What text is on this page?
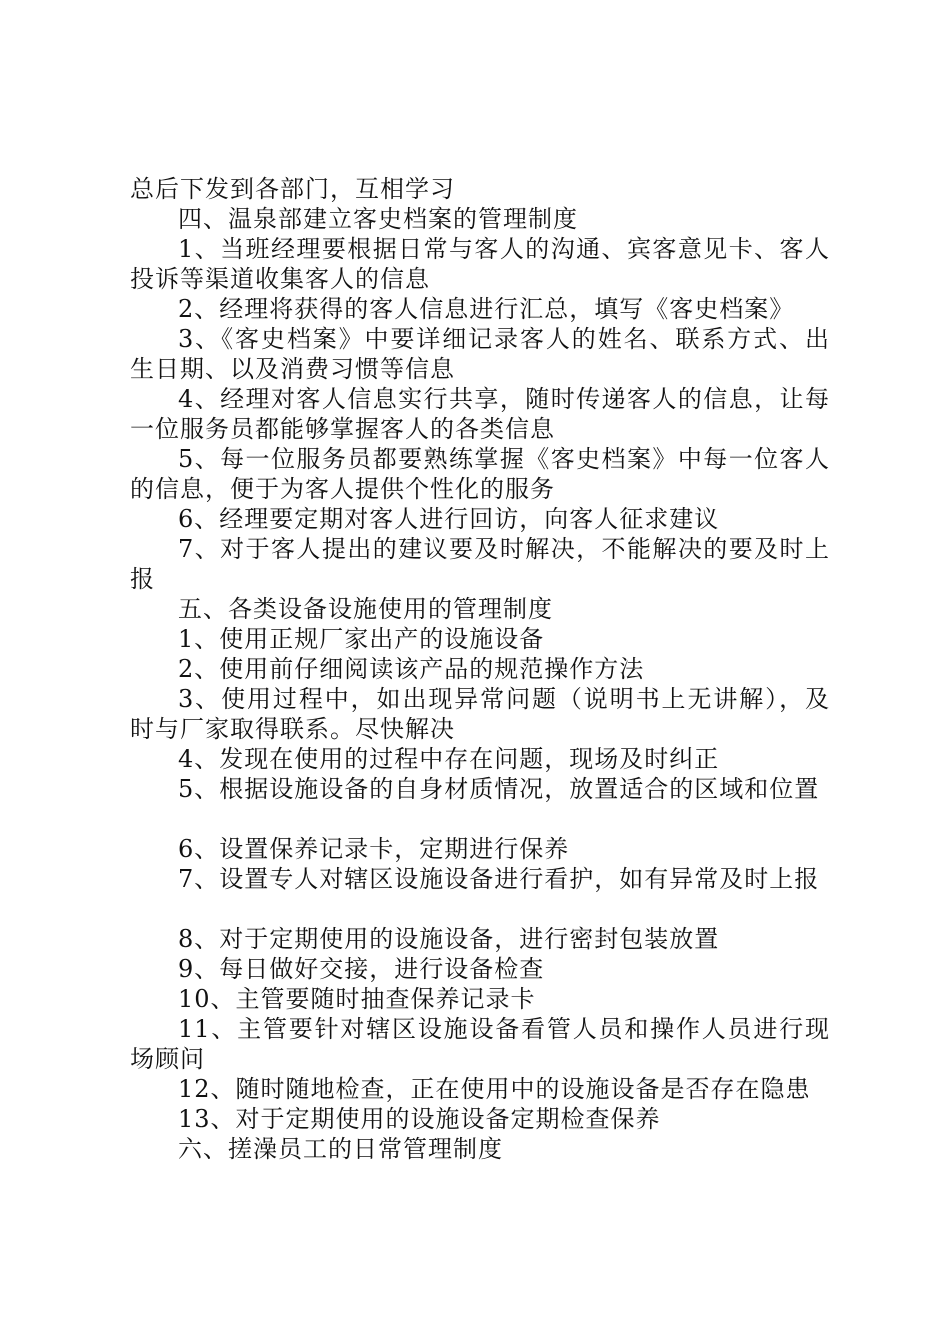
总后下发到各部门，互相学习

四、温泉部建立客史档案的管理制度

1、当班经理要根据日常与客人的沟通、宾客意见卡、客人投诉等渠道收集客人的信息

2、经理将获得的客人信息进行汇总，填写《客史档案》

3、《客史档案》中要详细记录客人的姓名、联系方式、出生日期、以及消费习惯等信息

4、经理对客人信息实行共享，随时传递客人的信息，让每一位服务员都能够掌握客人的各类信息

5、每一位服务员都要熟练掌握《客史档案》中每一位客人的信息，便于为客人提供个性化的服务

6、经理要定期对客人进行回访，向客人征求建议

7、对于客人提出的建议要及时解决，不能解决的要及时上报

五、各类设备设施使用的管理制度

1、使用正规厂家出产的设施设备

2、使用前仔细阅读该产品的规范操作方法

3、使用过程中，如出现异常问题（说明书上无讲解），及时与厂家取得联系。尽快解决

4、发现在使用的过程中存在问题，现场及时纠正

5、根据设施设备的自身材质情况，放置适合的区域和位置

6、设置保养记录卡，定期进行保养

7、设置专人对辖区设施设备进行看护，如有异常及时上报

8、对于定期使用的设施设备，进行密封包装放置

9、每日做好交接，进行设备检查

10、主管要随时抽查保养记录卡

11、主管要针对辖区设施设备看管人员和操作人员进行现场顾问

12、随时随地检查，正在使用中的设施设备是否存在隐患

13、对于定期使用的设施设备定期检查保养

六、搓澡员工的日常管理制度
